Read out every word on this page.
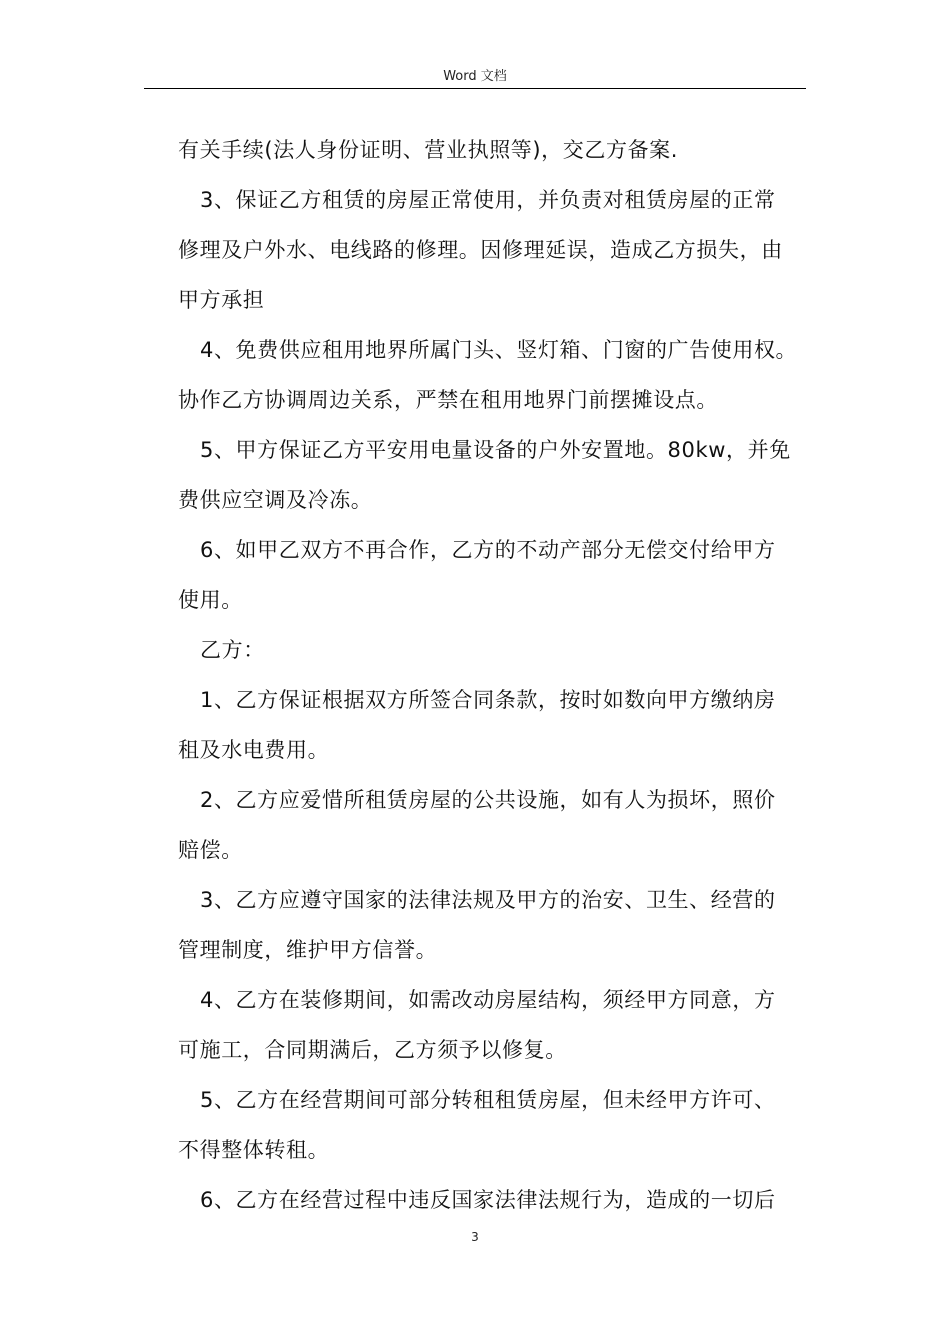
Word 文档
有关手续(法人身份证明、营业执照等)，交乙方备案.
3、保证乙方租赁的房屋正常使用，并负责对租赁房屋的正常
修理及户外水、电线路的修理。因修理延误，造成乙方损失，由
甲方承担
4、免费供应租用地界所属门头、竖灯箱、门窗的广告使用权。
协作乙方协调周边关系，严禁在租用地界门前摆摊设点。
5、甲方保证乙方平安用电量设备的户外安置地。80kw，并免
费供应空调及冷冻。
6、如甲乙双方不再合作，乙方的不动产部分无偿交付给甲方
使用。
乙方：
1、乙方保证根据双方所签合同条款，按时如数向甲方缴纳房
租及水电费用。
2、乙方应爱惜所租赁房屋的公共设施，如有人为损坏，照价
赔偿。
3、乙方应遵守国家的法律法规及甲方的治安、卫生、经营的
管理制度，维护甲方信誉。
4、乙方在装修期间，如需改动房屋结构，须经甲方同意，方
可施工，合同期满后，乙方须予以修复。
5、乙方在经营期间可部分转租租赁房屋，但未经甲方许可、
不得整体转租。
6、乙方在经营过程中违反国家法律法规行为，造成的一切后
3
